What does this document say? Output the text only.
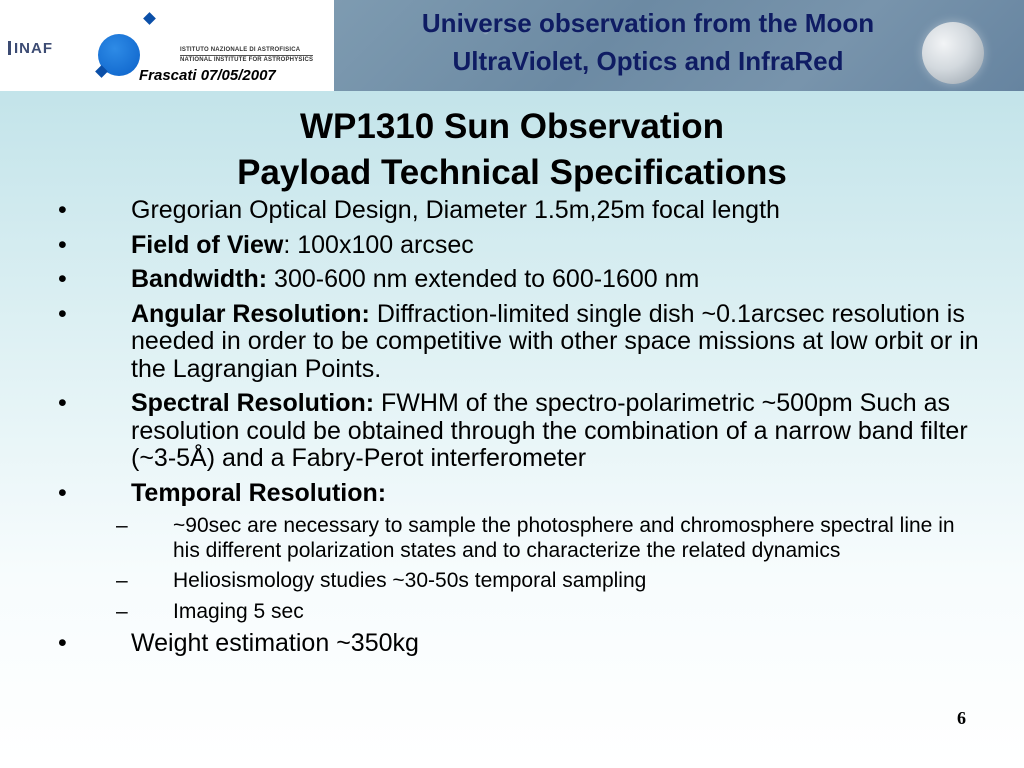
INAF	ISTITUTO NAZIONALE DI ASTROFISICA
NATIONAL INSTITUTE FOR ASTROPHYSICS
Frascati 07/05/2007
Universe observation from the Moon
UltraViolet, Optics and InfraRed
WP1310 Sun Observation
Payload Technical Specifications
•	Gregorian Optical Design, Diameter 1.5m,25m focal length
•	Field of View: 100x100 arcsec
•	Bandwidth: 300-600 nm extended to 600-1600 nm
•	Angular Resolution: Diffraction-limited single dish ~0.1arcsec resolution is needed in order to be competitive with other space missions at low orbit or in the Lagrangian Points.
•	Spectral Resolution: FWHM of the spectro-polarimetric ~500pm Such as resolution could be obtained through the combination of a narrow band filter (~3-5Å) and a Fabry-Perot interferometer
•	Temporal Resolution:
– ~90sec are necessary to sample the photosphere and chromosphere spectral line in his different polarization states and to characterize the related dynamics
– Heliosismology studies ~30-50s temporal sampling
– Imaging 5 sec
•	Weight estimation ~350kg
6
